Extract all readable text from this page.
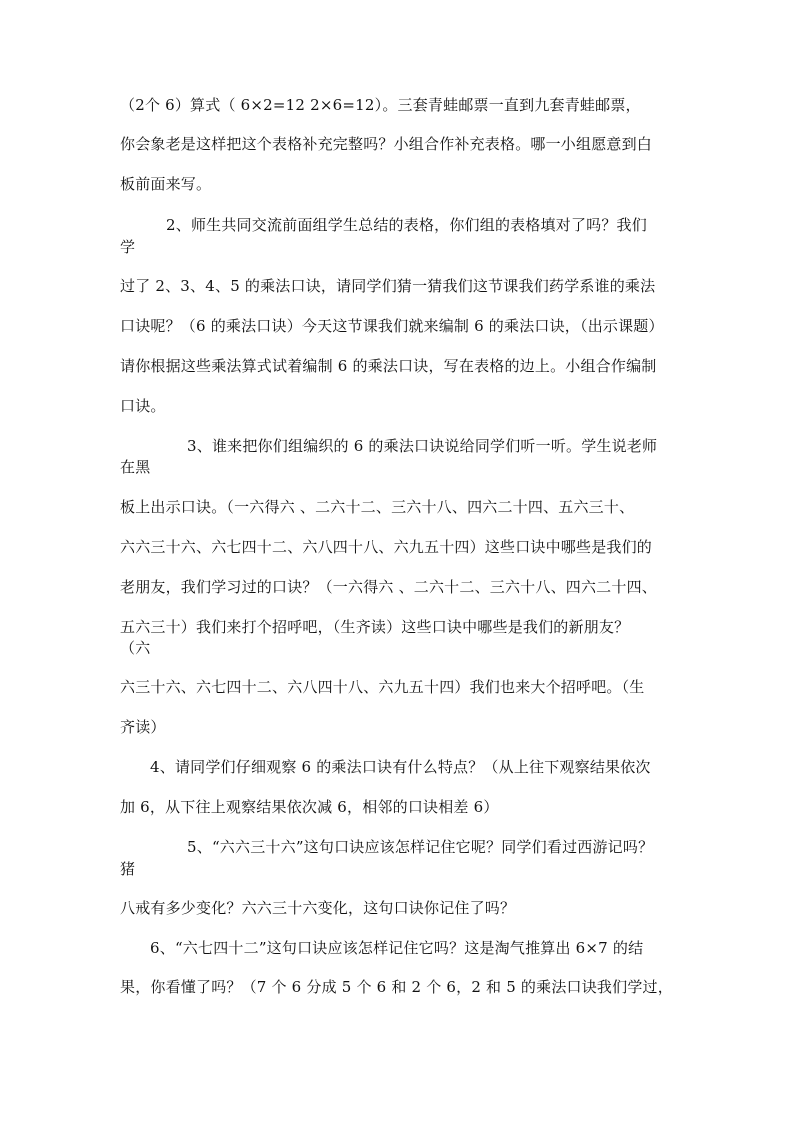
（2个 6）算式（ 6×2=12 2×6=12）。三套青蛙邮票一直到九套青蛙邮票，
你会象老是这样把这个表格补充完整吗？小组合作补充表格。哪一小组愿意到白
板前面来写。
2、师生共同交流前面组学生总结的表格，你们组的表格填对了吗？我们
学
过了 2、3、4、5 的乘法口诀，请同学们猜一猜我们这节课我们药学系谁的乘法
口诀呢？（6 的乘法口诀）今天这节课我们就来编制 6 的乘法口诀，（出示课题）
请你根据这些乘法算式试着编制 6 的乘法口诀，写在表格的边上。小组合作编制
口诀。
3、谁来把你们组编织的 6 的乘法口诀说给同学们听一听。学生说老师
在黑
板上出示口诀。（一六得六 、二六十二、三六十八、四六二十四、五六三十、
六六三十六、六七四十二、六八四十八、六九五十四）这些口诀中哪些是我们的
老朋友，我们学习过的口诀？（一六得六 、二六十二、三六十八、四六二十四、
五六三十）我们来打个招呼吧，（生齐读）这些口诀中哪些是我们的新朋友？
（六
六三十六、六七四十二、六八四十八、六九五十四）我们也来大个招呼吧。（生
齐读）
4、请同学们仔细观察 6 的乘法口诀有什么特点？（从上往下观察结果依次
加 6，从下往上观察结果依次减 6，相邻的口诀相差 6）
5、“六六三十六”这句口诀应该怎样记住它呢？同学们看过西游记吗？
猪
八戒有多少变化？六六三十六变化，这句口诀你记住了吗？
6、“六七四十二”这句口诀应该怎样记住它吗？这是淘气推算出 6×7 的结
果，你看懂了吗？（7 个 6 分成 5 个 6 和 2 个 6，2 和 5 的乘法口诀我们学过，
